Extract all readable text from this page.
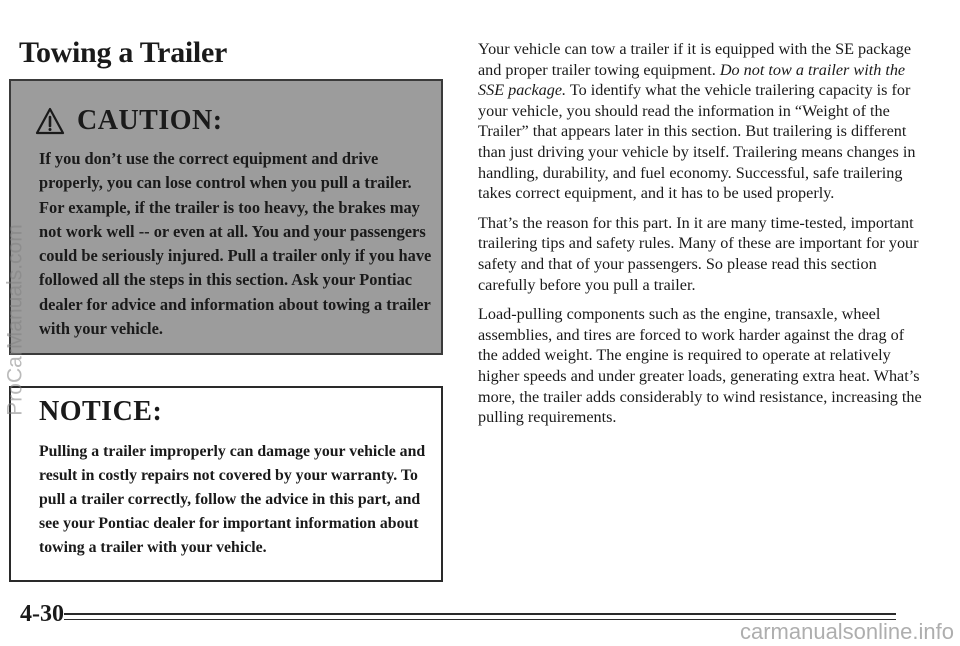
Towing a Trailer
CAUTION:

If you don’t use the correct equipment and drive properly, you can lose control when you pull a trailer. For example, if the trailer is too heavy, the brakes may not work well -- or even at all. You and your passengers could be seriously injured. Pull a trailer only if you have followed all the steps in this section. Ask your Pontiac dealer for advice and information about towing a trailer with your vehicle.

NOTICE:

Pulling a trailer improperly can damage your vehicle and result in costly repairs not covered by your warranty. To pull a trailer correctly, follow the advice in this part, and see your Pontiac dealer for important information about towing a trailer with your vehicle.

Your vehicle can tow a trailer if it is equipped with the SE package and proper trailer towing equipment. Do not tow a trailer with the SSE package. To identify what the vehicle trailering capacity is for your vehicle, you should read the information in “Weight of the Trailer” that appears later in this section. But trailering is different than just driving your vehicle by itself. Trailering means changes in handling, durability, and fuel economy. Successful, safe trailering takes correct equipment, and it has to be used properly.

That’s the reason for this part. In it are many time-tested, important trailering tips and safety rules. Many of these are important for your safety and that of your passengers. So please read this section carefully before you pull a trailer.

Load-pulling components such as the engine, transaxle, wheel assemblies, and tires are forced to work harder against the drag of the added weight. The engine is required to operate at relatively higher speeds and under greater loads, generating extra heat. What’s more, the trailer adds considerably to wind resistance, increasing the pulling requirements.

4-30
ProCarManuals.com
carmanualsonline.info
